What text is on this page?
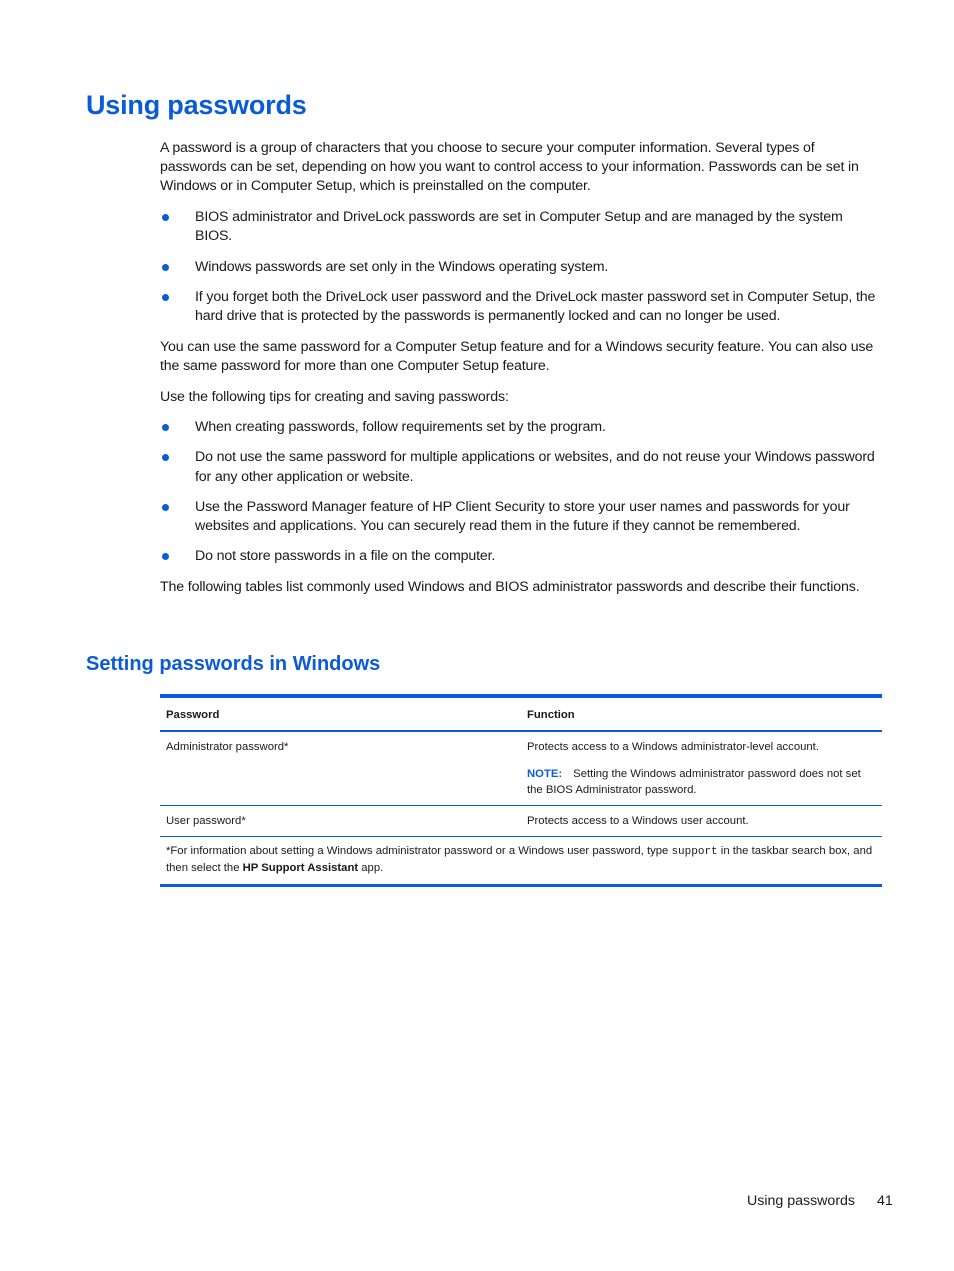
Using passwords

A password is a group of characters that you choose to secure your computer information. Several types of passwords can be set, depending on how you want to control access to your information. Passwords can be set in Windows or in Computer Setup, which is preinstalled on the computer.

BIOS administrator and DriveLock passwords are set in Computer Setup and are managed by the system BIOS.
Windows passwords are set only in the Windows operating system.
If you forget both the DriveLock user password and the DriveLock master password set in Computer Setup, the hard drive that is protected by the passwords is permanently locked and can no longer be used.

You can use the same password for a Computer Setup feature and for a Windows security feature. You can also use the same password for more than one Computer Setup feature.

Use the following tips for creating and saving passwords:

When creating passwords, follow requirements set by the program.
Do not use the same password for multiple applications or websites, and do not reuse your Windows password for any other application or website.
Use the Password Manager feature of HP Client Security to store your user names and passwords for your websites and applications. You can securely read them in the future if they cannot be remembered.
Do not store passwords in a file on the computer.

The following tables list commonly used Windows and BIOS administrator passwords and describe their functions.

Setting passwords in Windows
Password	Function
Administrator password*	Protects access to a Windows administrator-level account.
NOTE: Setting the Windows administrator password does not set the BIOS Administrator password.
User password*	Protects access to a Windows user account.
*For information about setting a Windows administrator password or a Windows user password, type support in the taskbar search box, and then select the HP Support Assistant app.
Using passwords 41
